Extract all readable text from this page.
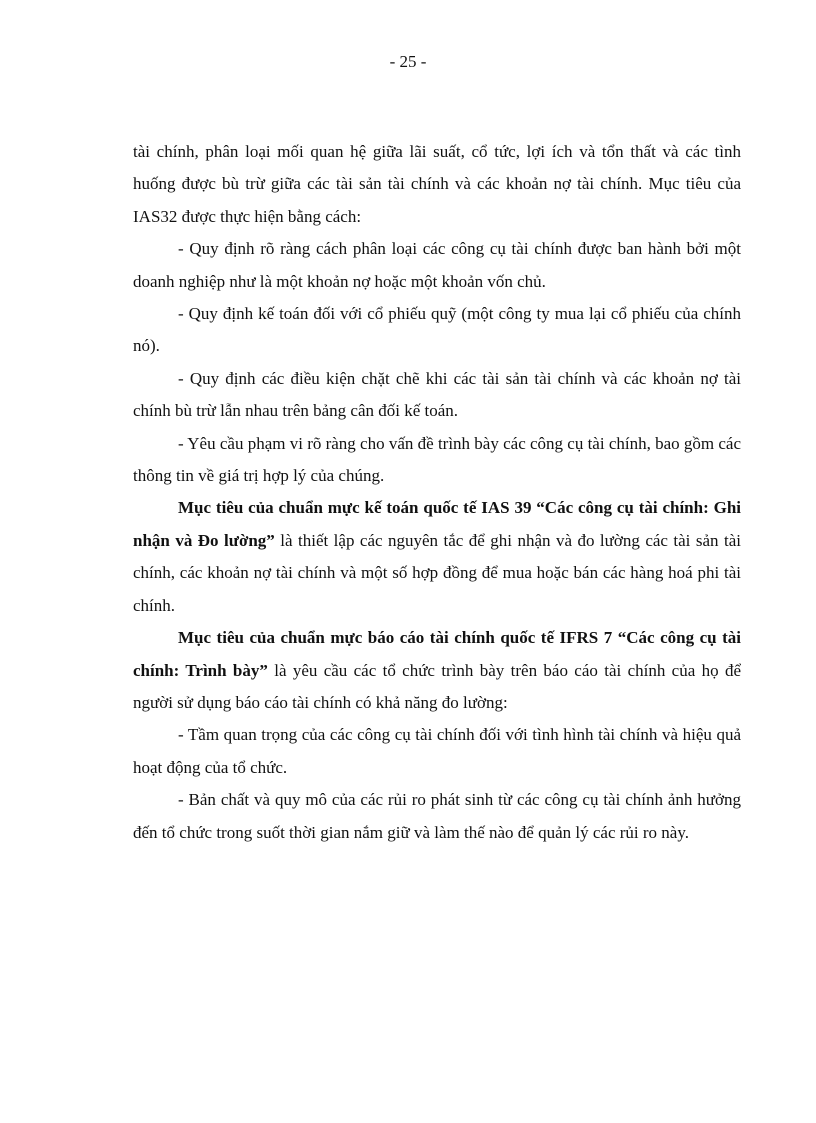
- 25 -

tài chính, phân loại mối quan hệ giữa lãi suất, cổ tức, lợi ích và tổn thất và các tình huống được bù trừ giữa các tài sản tài chính và các khoản nợ tài chính. Mục tiêu của IAS32 được thực hiện bằng cách:

- Quy định rõ ràng cách phân loại các công cụ tài chính được ban hành bởi một doanh nghiệp như là một khoản nợ hoặc một khoản vốn chủ.

- Quy định kế toán đối với cổ phiếu quỹ (một công ty mua lại cổ phiếu của chính nó).

- Quy định các điều kiện chặt chẽ khi các tài sản tài chính và các khoản nợ tài chính bù trừ lẫn nhau trên bảng cân đối kế toán.

- Yêu cầu phạm vi rõ ràng cho vấn đề trình bày các công cụ tài chính, bao gồm các thông tin về giá trị hợp lý của chúng.

Mục tiêu của chuẩn mực kế toán quốc tế IAS 39 “Các công cụ tài chính: Ghi nhận và Đo lường” là thiết lập các nguyên tắc để ghi nhận và đo lường các tài sản tài chính, các khoản nợ tài chính và một số hợp đồng để mua hoặc bán các hàng hoá phi tài chính.

Mục tiêu của chuẩn mực báo cáo tài chính quốc tế IFRS 7 “Các công cụ tài chính: Trình bày” là yêu cầu các tổ chức trình bày trên báo cáo tài chính của họ để người sử dụng báo cáo tài chính có khả năng đo lường:

- Tầm quan trọng của các công cụ tài chính đối với tình hình tài chính và hiệu quả hoạt động của tổ chức.

- Bản chất và quy mô của các rủi ro phát sinh từ các công cụ tài chính ảnh hưởng đến tổ chức trong suốt thời gian nắm giữ và làm thế nào để quản lý các rủi ro này.
